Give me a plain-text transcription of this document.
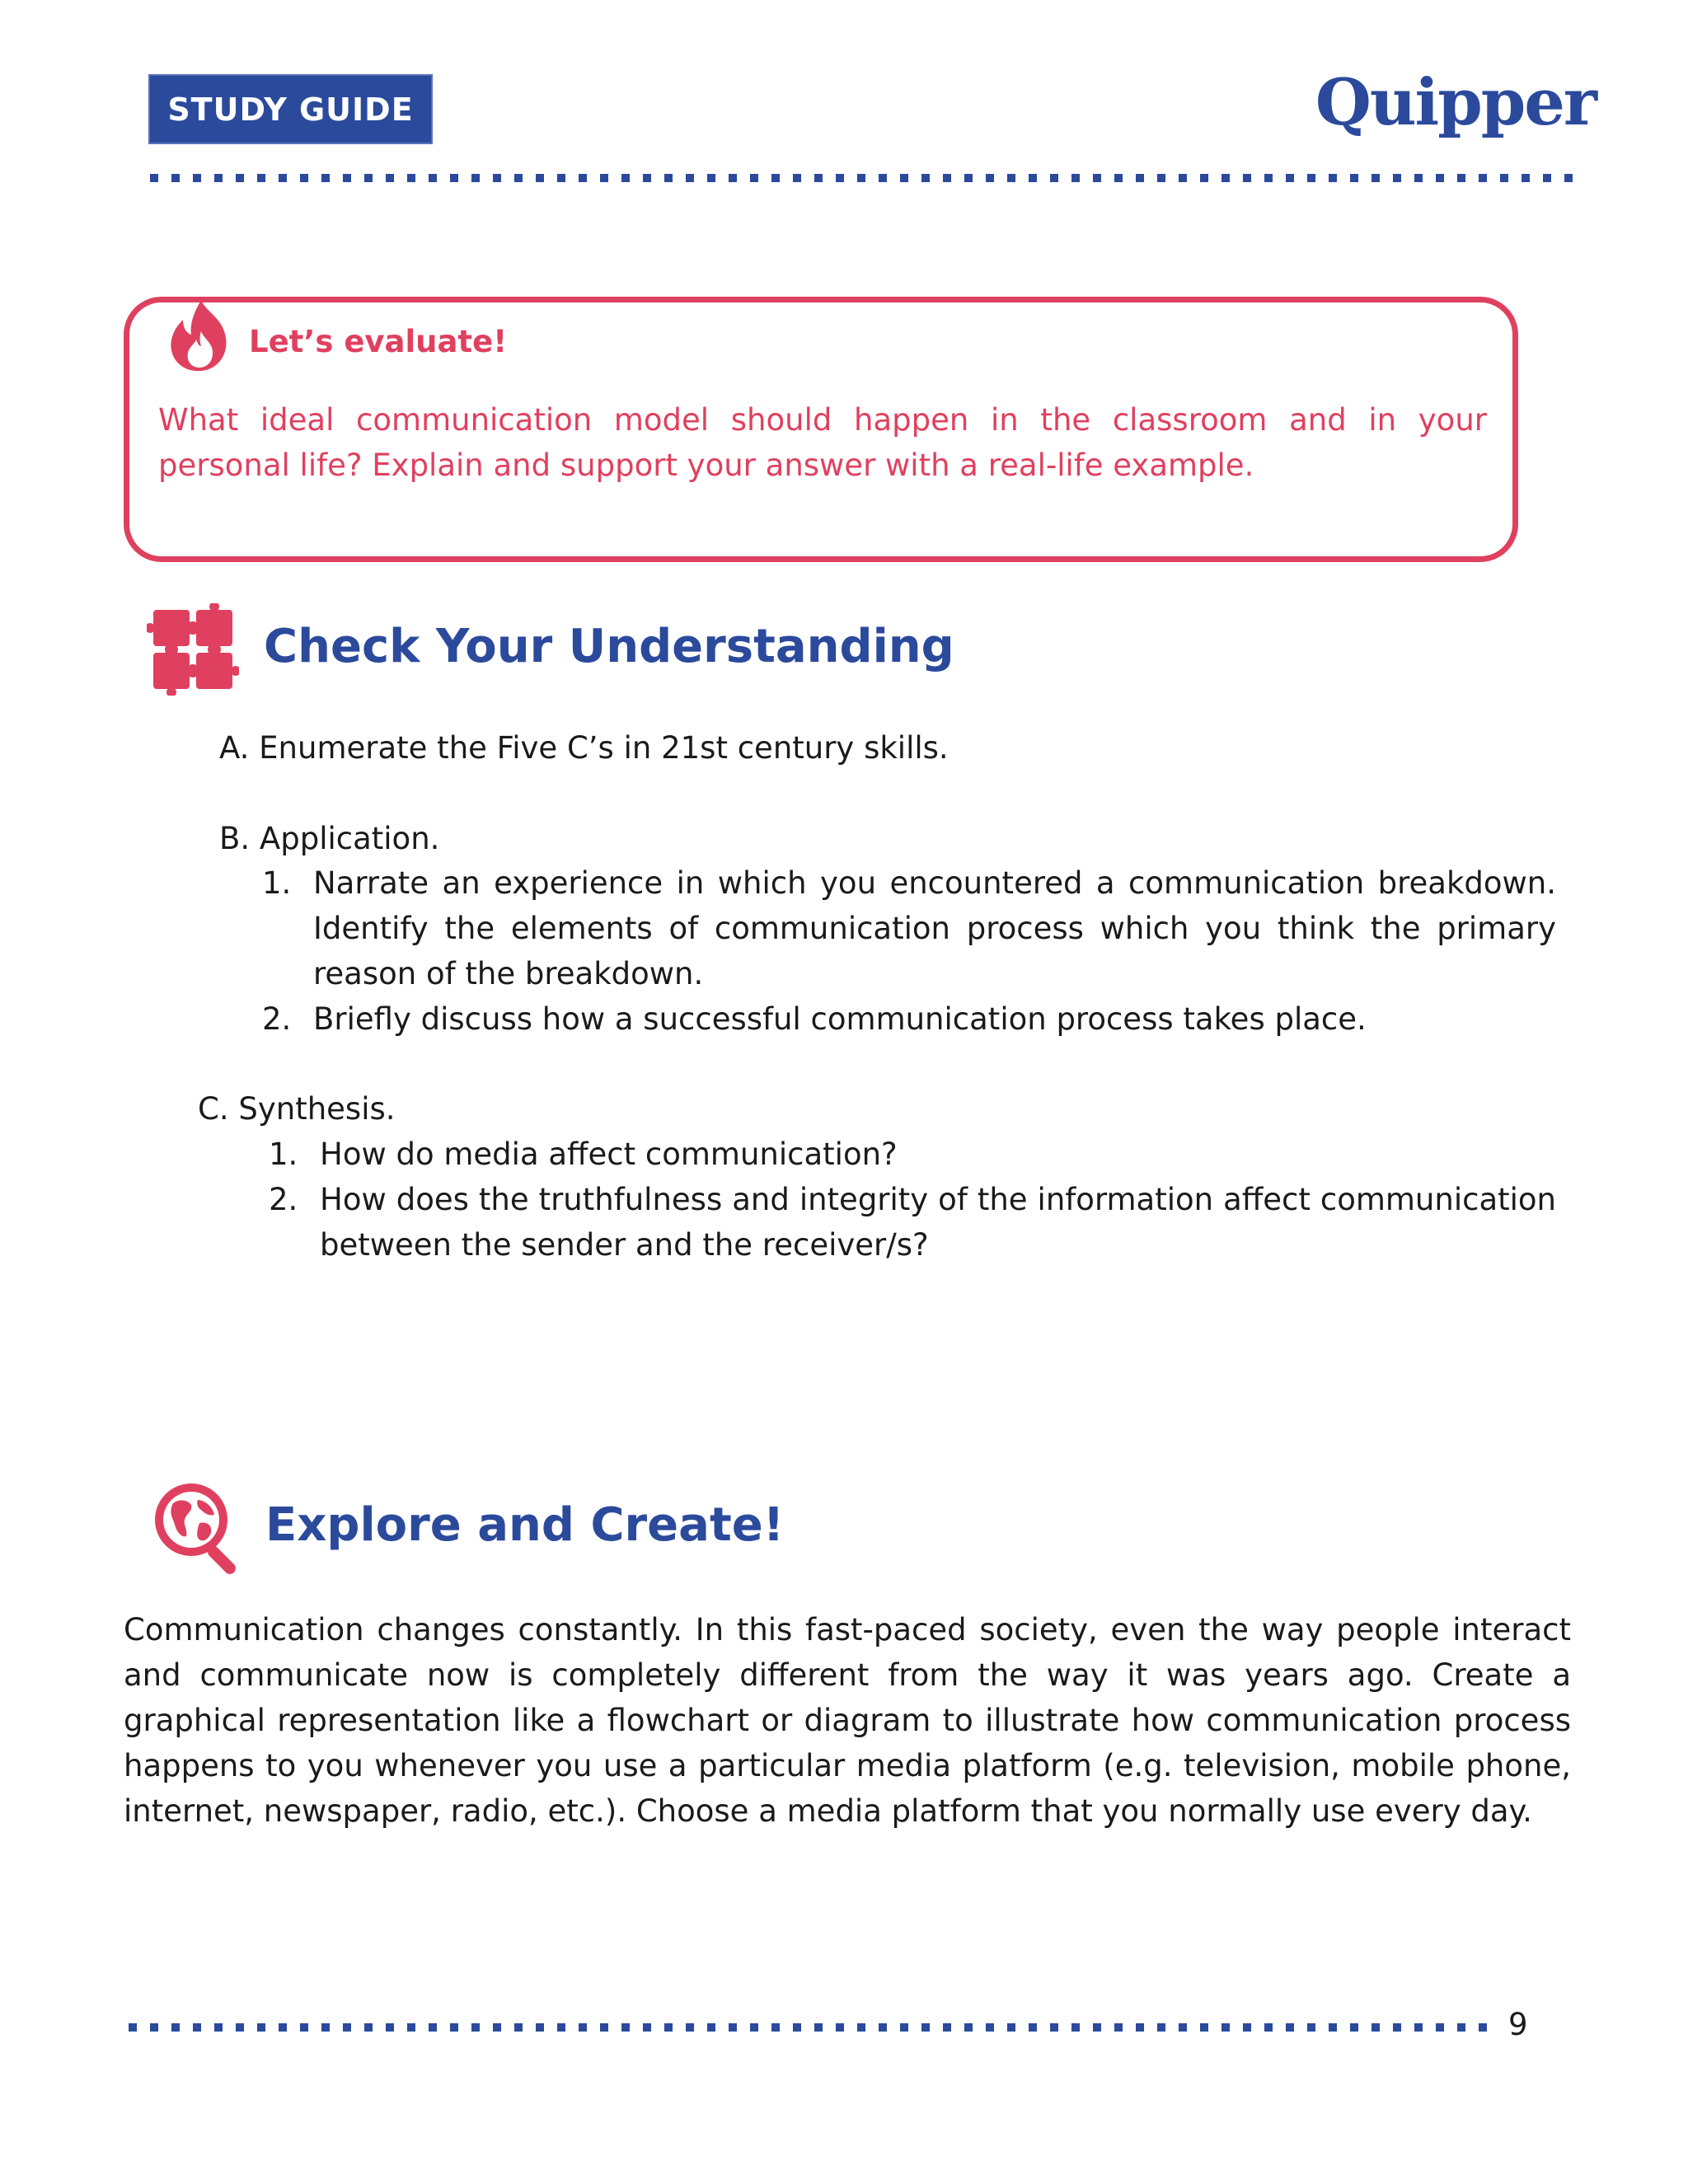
STUDY GUIDE	Quipper
Let’s evaluate!
What ideal communication model should happen in the classroom and in your personal life? Explain and support your answer with a real-life example.
Check Your Understanding
A. Enumerate the Five C’s in 21st century skills.
B. Application.
1. Narrate an experience in which you encountered a communication breakdown. Identify the elements of communication process which you think the primary reason of the breakdown.
2. Briefly discuss how a successful communication process takes place.
C. Synthesis.
1. How do media affect communication?
2. How does the truthfulness and integrity of the information affect communication between the sender and the receiver/s?
Explore and Create!
Communication changes constantly. In this fast-paced society, even the way people interact and communicate now is completely different from the way it was years ago. Create a graphical representation like a flowchart or diagram to illustrate how communication process happens to you whenever you use a particular media platform (e.g. television, mobile phone, internet, newspaper, radio, etc.). Choose a media platform that you normally use every day.
9
